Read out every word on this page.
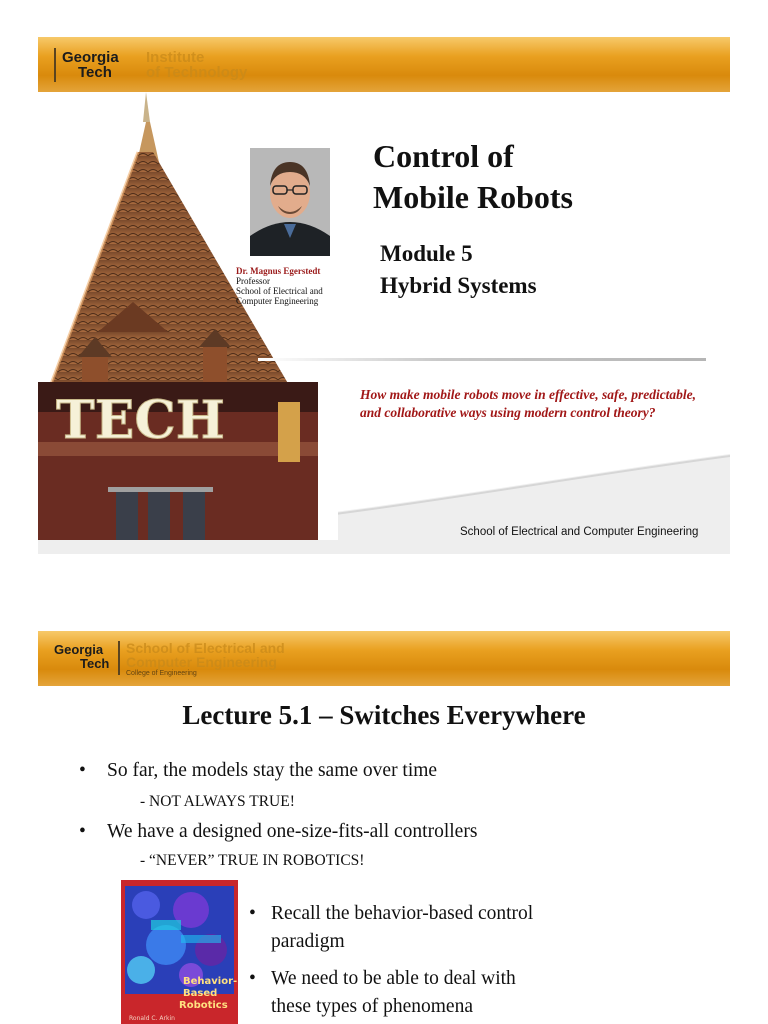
Georgia
Tech
Institute
of Technology
TECH
Dr. Magnus Egerstedt
Professor
School of Electrical and
Computer Engineering
Control of
Mobile Robots
Module 5
Hybrid Systems
How make mobile robots move in effective, safe, predictable, and collaborative ways using modern control theory?
School of Electrical and Computer Engineering
Georgia
Tech
School of Electrical and
Computer Engineering
College of Engineering
Lecture 5.1 – Switches Everywhere
• So far, the models stay the same over time
- NOT ALWAYS TRUE!
• We have a designed one-size-fits-all controllers
- “NEVER” TRUE IN ROBOTICS!
Behavior-
Based
Robotics
Ronald C. Arkin
• Recall the behavior-based control
paradigm
• We need to be able to deal with
these types of phenomena
